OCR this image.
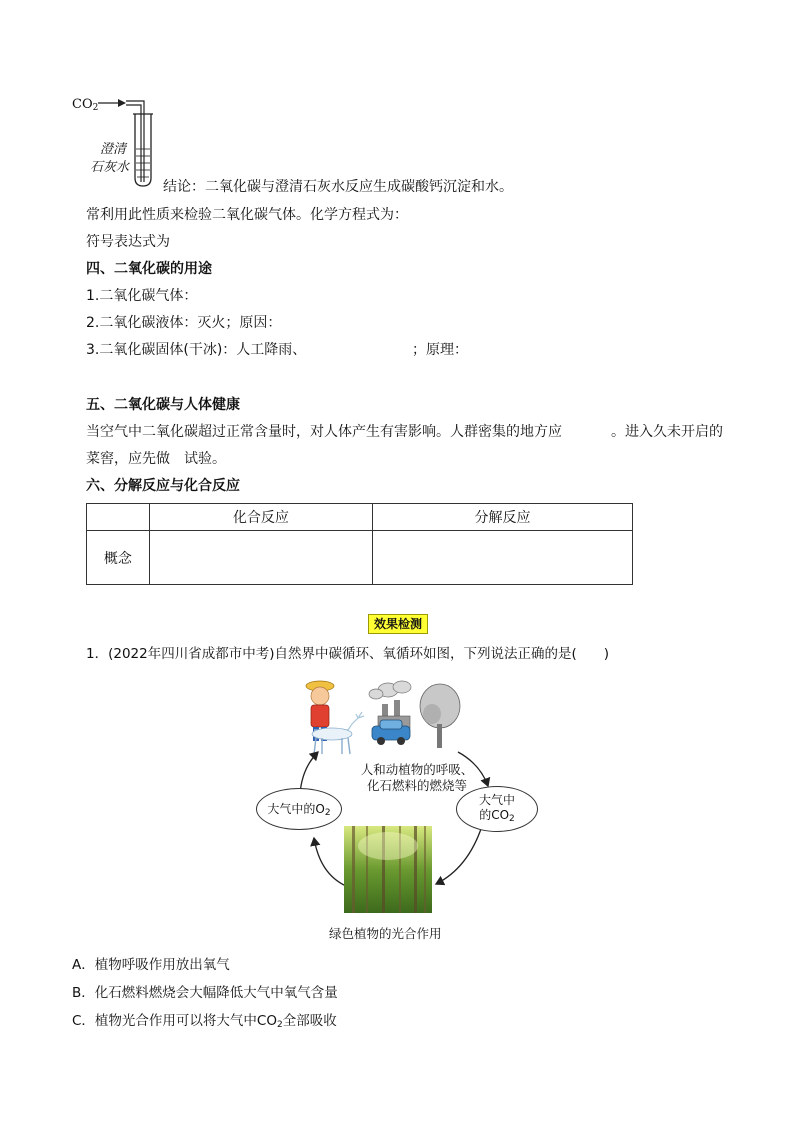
$CO_2$
澄清
石灰水
结论：二氧化碳与澄清石灰水反应生成碳酸钙沉淀和水。
常利用此性质来检验二氧化碳气体。化学方程式为：
符号表达式为
四、二氧化碳的用途
1.二氧化碳气体：
2.二氧化碳液体：灭火；原因：
3.二氧化碳固体(干冰)：人工降雨、	；原理：
五、二氧化碳与人体健康
当空气中二氧化碳超过正常含量时，对人体产生有害影响。人群密集的地方应	。进入久未开启的
菜窖，应先做 试验。
六、分解反应与化合反应
	化合反应	分解反应
概念		
效果检测
1．(2022年四川省成都市中考)自然界中碳循环、氧循环如图，下列说法正确的是(　　)
人和动植物的呼吸、
化石燃料的燃烧等
大气中的$O_2$
大气中
的$CO_2$
绿色植物的光合作用
A．植物呼吸作用放出氧气
B．化石燃料燃烧会大幅降低大气中氧气含量
C．植物光合作用可以将大气中$CO_2$全部吸收
